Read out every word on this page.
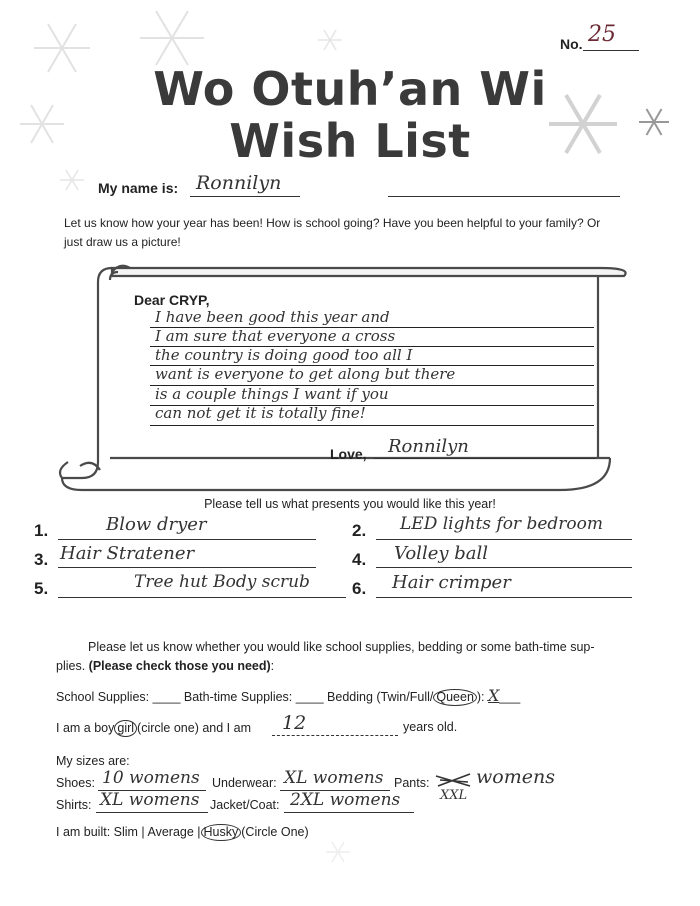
No. 25
Wo Otuh’an Wi
Wish List
My name is: Ronnilyn
Let us know how your year has been! How is school going? Have you been helpful to your family? Or
just draw us a picture!
Dear CRYP,
I have been good this year and
I am sure that everyone a cross
the country is doing good too all I
want is everyone to get along but there
is a couple things I want if you
can not get it is totally fine!
Love, Ronnilyn
Please tell us what presents you would like this year!
1.	Blow dryer	2. LED lights for bedroom
3. Hair Stratener	4. Volley ball
5.	Tree hut Body scrub 6. Hair crimper
Please let us know whether you would like school supplies, bedding or some bath-time sup-
plies. (Please check those you need):
School Supplies: ____ Bath-time Supplies: ____ Bedding (Twin/Full/ Queen ): X___
I am a boy girl (circle one) and I am 12	years old.
My sizes are:
Shoes: 10 womens Underwear: XL womens Pants: womens
XXL
Shirts: XL womens Jacket/Coat: 2XL womens
I am built: Slim | Average | Husky (Circle One)
